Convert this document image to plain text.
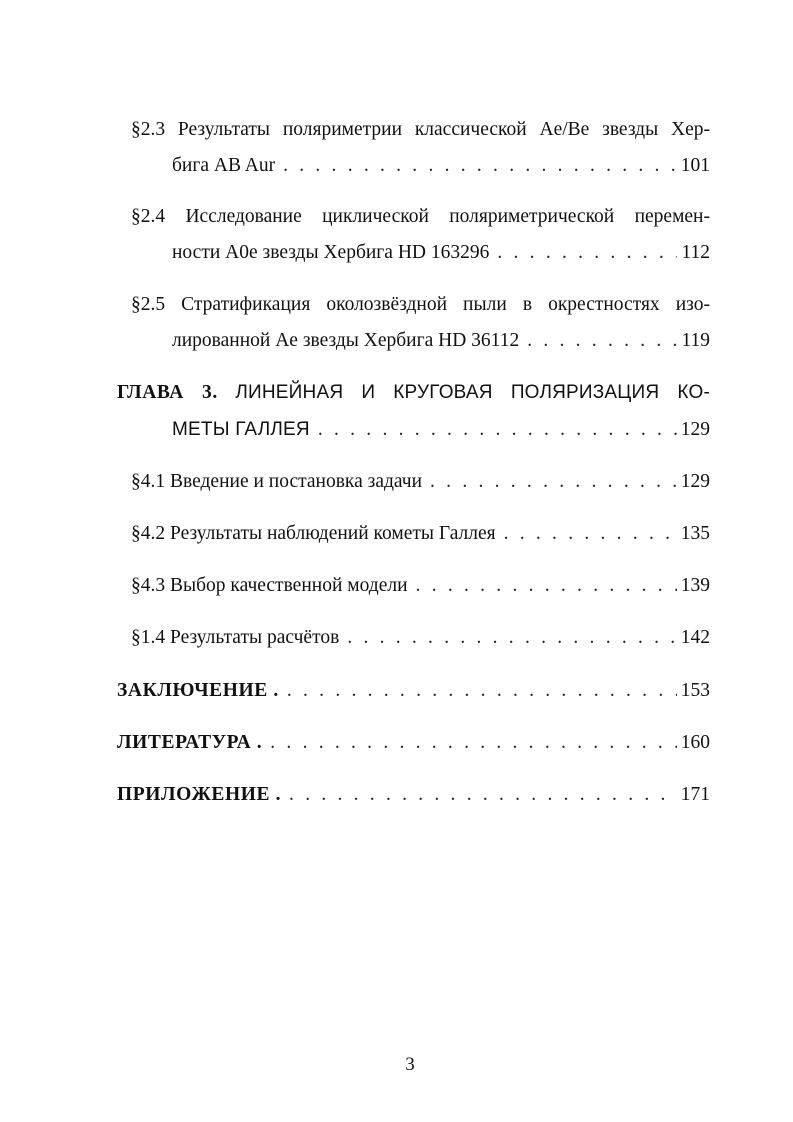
§2.3 Результаты поляриметрии классической Ae/Be звезды Хер-
бига AB Aur . . .	101
§2.4 Исследование циклической поляриметрической перемен-
ности A0e звезды Хербига HD 163296 . . .	112
§2.5 Стратификация околозвёздной пыли в окрестностях изо-
лированной Ae звезды Хербига HD 36112 . . .	119
ГЛАВА 3. ЛИНЕЙНАЯ И КРУГОВАЯ ПОЛЯРИЗАЦИЯ КО-
МЕТЫ ГАЛЛЕЯ . . .	129
§4.1 Введение и постановка задачи . . .	129
§4.2 Результаты наблюдений кометы Галлея . . .	135
§4.3 Выбор качественной модели . . .	139
§1.4 Результаты расчётов . . .	142
ЗАКЛЮЧЕНИЕ . . . .	153
ЛИТЕРАТУРА . . . .	160
ПРИЛОЖЕНИЕ . . . .	171
3
